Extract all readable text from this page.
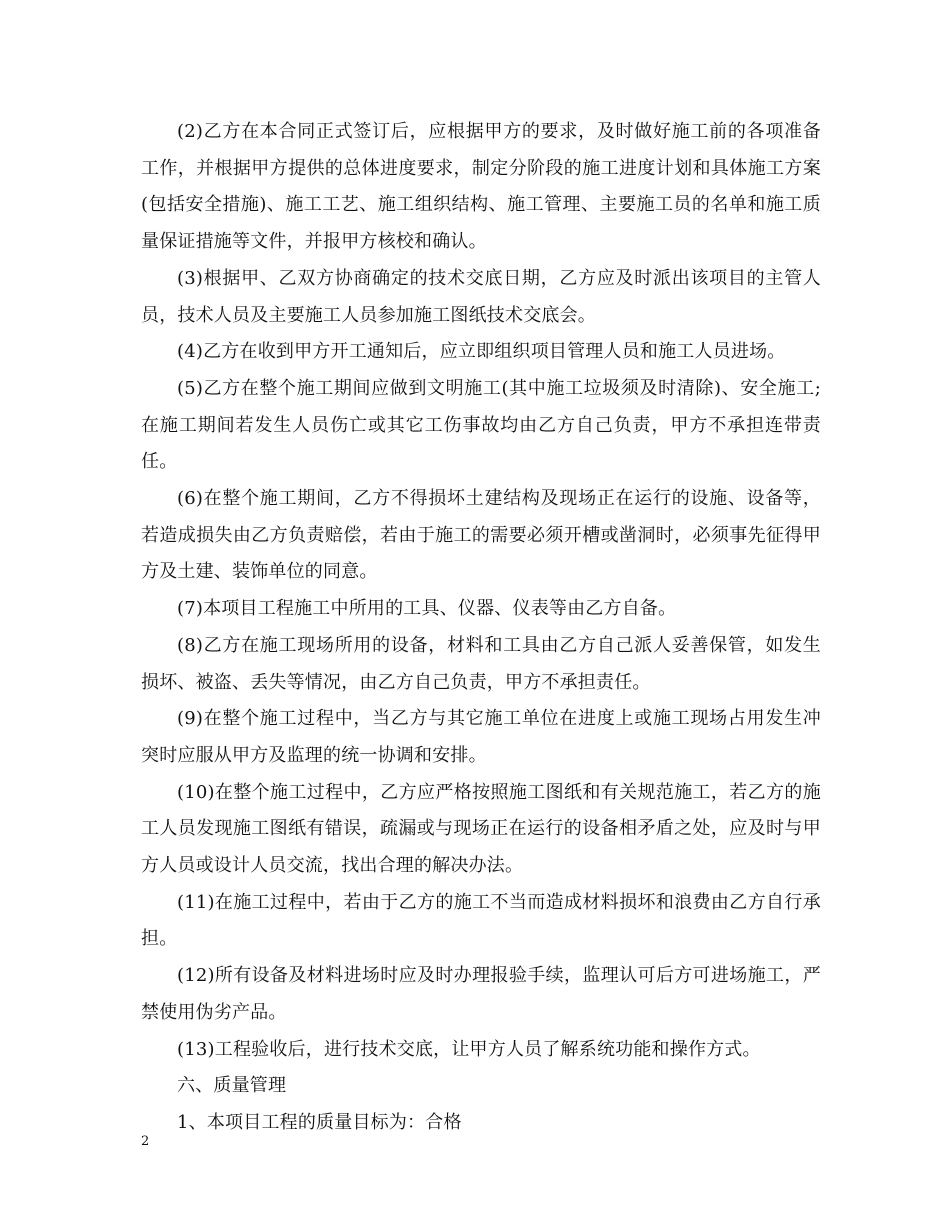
(2)乙方在本合同正式签订后，应根据甲方的要求，及时做好施工前的各项准备工作，并根据甲方提供的总体进度要求，制定分阶段的施工进度计划和具体施工方案(包括安全措施)、施工工艺、施工组织结构、施工管理、主要施工员的名单和施工质量保证措施等文件，并报甲方核校和确认。

(3)根据甲、乙双方协商确定的技术交底日期，乙方应及时派出该项目的主管人员，技术人员及主要施工人员参加施工图纸技术交底会。

(4)乙方在收到甲方开工通知后，应立即组织项目管理人员和施工人员进场。

(5)乙方在整个施工期间应做到文明施工(其中施工垃圾须及时清除)、安全施工;在施工期间若发生人员伤亡或其它工伤事故均由乙方自己负责，甲方不承担连带责任。

(6)在整个施工期间，乙方不得损坏土建结构及现场正在运行的设施、设备等，若造成损失由乙方负责赔偿，若由于施工的需要必须开槽或凿洞时，必须事先征得甲方及土建、装饰单位的同意。

(7)本项目工程施工中所用的工具、仪器、仪表等由乙方自备。

(8)乙方在施工现场所用的设备，材料和工具由乙方自己派人妥善保管，如发生损坏、被盗、丢失等情况，由乙方自己负责，甲方不承担责任。

(9)在整个施工过程中，当乙方与其它施工单位在进度上或施工现场占用发生冲突时应服从甲方及监理的统一协调和安排。

(10)在整个施工过程中，乙方应严格按照施工图纸和有关规范施工，若乙方的施工人员发现施工图纸有错误，疏漏或与现场正在运行的设备相矛盾之处，应及时与甲方人员或设计人员交流，找出合理的解决办法。

(11)在施工过程中，若由于乙方的施工不当而造成材料损坏和浪费由乙方自行承担。

(12)所有设备及材料进场时应及时办理报验手续，监理认可后方可进场施工，严禁使用伪劣产品。

(13)工程验收后，进行技术交底，让甲方人员了解系统功能和操作方式。

六、质量管理

1、本项目工程的质量目标为：合格

2
